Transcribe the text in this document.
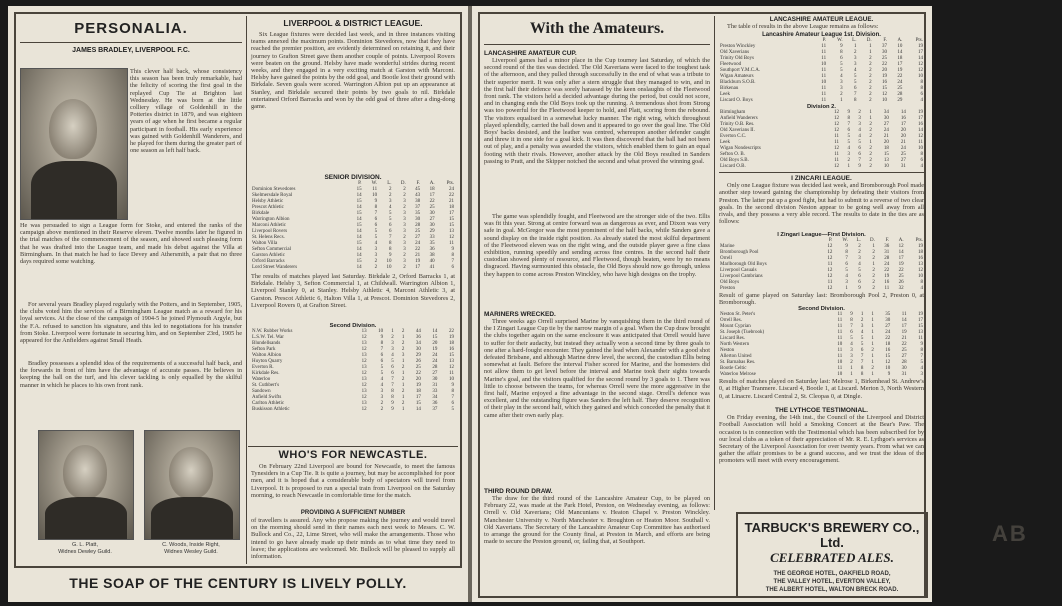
PERSONALIA.
JAMES BRADLEY, LIVERPOOL F.C.
This clever half back, whose consistency this season has been truly remarkable, had the felicity of scoring the first goal in the replayed Cup Tie at Brighton last Wednesday. He was born at the little colliery village of Goldenhill in the Potteries district in 1879, and was eighteen years of age when he first became a regular participant in football. His early experience was gained with Goldenhill Wanderers, and he played for them during the greater part of one season as left half back.
He was persuaded to sign a League form for Stoke, and entered the ranks of the campaign above mentioned in their Reserve eleven. Twelve months later he figured in the trial matches of the commencement of the season, and showed such pleasing form that he was drafted into the League team, and made his debut against the Villa at Birmingham. In that match he had to face Devey and Athersmith, a pair that no three days required some watching.
For several years Bradley played regularly with the Potters, and in September, 1905, the clubs voted him the services of a Birmingham League match as a reward for his loyal services. At the close of the campaign of 1904-5 he joined Plymouth Argyle, but the F.A. refused to sanction his signature, and this led to negotiations for his transfer from Stoke. Liverpool were fortunate in securing him, and on September 23rd, 1905 he appeared for the Anfielders against Small Heath.
Bradley possesses a splendid idea of the requirements of a successful half back, and the forwards in front of him have the advantage of accurate passes. He believes in keeping the ball on the turf, and his clever tackling is only equalled by the skilful manner in which he places to his own front rank.
G. L. Platt,
Widnes Dewley Guild.
C. Woods, Inside Right,
Widnes Wesley Guild.
LIVERPOOL & DISTRICT LEAGUE.
Six League fixtures were decided last week, and in three instances visiting teams annexed the maximum points. Dominion Stevedores, now that they have reached the premier position, are evidently determined on retaining it, and their journey to Grafton Street gave them another couple of points. Liverpool Rovers were beaten on the ground. Helsby have made wonderful strides during recent weeks, and they engaged in a very exciting match at Garston with Marconi. Helsby have gained the points by the odd goal, and Bootle lost their ground with Birkdale. Seven goals were scored. Warrington Albion put up an appearance at Stanley, and Birkdale secured their points by two goals to nil. Birkdale entertained Orford Barracks and won by the odd goal of three after a ding-dong game.
SENIOR DIVISION.
	P.	W.	L.	D.	F.	A.	Pts.
Dominion Stevedores	15	11	2	2	45	18	24
Skelmersdale Royal	14	10	2	2	43	17	22
Helsby Athletic	15	9	3	3	38	22	21
Prescot Athletic	14	8	4	2	37	25	18
Birkdale	15	7	5	3	35	30	17
Warrington Albion	14	6	5	3	30	27	15
Marconi Athletic	15	6	6	3	28	30	15
Liverpool Rovers	14	5	6	3	25	29	13
St. Helens Recs.	14	5	7	2	27	33	12
Walton Villa	15	4	8	3	24	35	11
Sefton Commercial	14	3	8	3	22	36	9
Garston Athletic	14	3	9	2	21	38	8
Orford Barracks	15	2	10	3	19	40	7
Lord Street Wanderers	14	2	10	2	17	41	6
The results of matches played last Saturday. Birkdale 2, Orford Barracks 1, at Birkdale. Helsby 3, Sefton Commercial 1, at Childwall. Warrington Albion 1, Liverpool Stanley 0, at Stanley. Helsby Athletic 4, Marconi Athletic 3, at Garston. Prescot Athletic 6, Halton Villa 1, at Prescot. Dominion Stevedores 2, Liverpool Rovers 0, at Grafton Street.
Second Division.
N.W. Rubber Works	13	10	1	2	44	14	22
L.S.W. Tel. War	12	9	2	1	36	15	19
Blundellsands	13	8	3	2	34	20	18
Sefton Park	12	7	3	2	30	19	16
Walton Albion	13	6	4	3	29	24	15
Huyton Quarry	12	6	5	1	26	24	13
Everton R.	13	5	6	2	25	28	12
Kirkdale Res.	12	5	6	1	22	27	11
Waterloo	13	4	7	2	20	30	10
St. Cuthbert's	12	4	7	1	19	31	9
Sandown	13	3	8	2	18	33	8
Anfield Swifts	12	3	8	1	17	34	7
Carlton Athletic	13	2	9	2	15	36	6
Buskisson Athletic	12	2	9	1	14	37	5
WHO'S FOR NEWCASTLE.
On February 22nd Liverpool are bound for Newcastle, to meet the famous Tynesiders in a Cup Tie. It is quite a journey, but may be accomplished for poor men, and it is hoped that a considerable body of spectators will travel from Liverpool. It is proposed to run a special train from Liverpool on the Saturday morning, to reach Newcastle in comfortable time for the match.
PROVIDING A SUFFICIENT NUMBER
of travellers is assured. Any who propose making the journey and would travel on the morning should send in their names each next week to Messrs. C. W. Bullock and Co., 22, Lime Street, who will make the arrangements. Those who intend to go have already made up their minds as to what time they need to leave; the applications are welcomed. Mr. Bullock will be pleased to supply all information.
THE SOAP OF THE CENTURY IS LIVELY POLLY.
With the Amateurs.
LANCASHIRE AMATEUR CUP.
Liverpool games had a minor place in the Cup tourney last Saturday, of which the second round of the ties was decided. The Old Xaverians were faced to the toughest task of the afternoon, and they pulled through successfully in the end of what was a tribute to their superior merit. It was only after a stern struggle that they managed to win, and in the first half their defence was sorely harassed by the keen onslaughts of the Fleetwood front rank. The visitors held a decided advantage during the period, but could not score, and in changing ends the Old Boys took up the running. A tremendous shot from Strong was too powerful for the Fleetwood keeper to hold, and Platt, scoring from the rebound. The visitors equalised in a somewhat lucky manner. The right wing, which throughout played splendidly, carried the ball down and it appeared to go over the goal line. The Old Boys' backs desisted, and the leather was centred, whereupon another defender caught and threw it in one side for a goal kick. It was then discovered that the ball had not been out of play, and a penalty was awarded the visitors, which enabled them to gain an equal footing with their rivals. However, another attack by the Old Boys resulted in Sanders passing to Pratt, and the Skipper notched the second and what proved the winning goal.
The game was splendidly fought, and Fleetwood are the stronger side of the two. Ellis was fit this year. Strong at centre forward was as dangerous as ever, and Dixon was very safe in goal. McGregor was the most prominent of the half backs, while Sanders gave a sound display on the inside right position. As already stated the most skilful department of the Fleetwood eleven was on the right wing, and the outside player gave a fine class exhibition, running speedily and sending across fine centres. In the second half their custodian showed plenty of resource, and Fleetwood, though beaten, were by no means disgraced. Having surmounted this obstacle, the Old Boys should now go through, unless they happen to come across Preston Winckley, who have high designs on the trophy.
MARINERS WRECKED.
Three weeks ago Orrell surprised Marine by vanquishing them in the third round of the I Zingari League Cup tie by the narrow margin of a goal. When the Cup draw brought the clubs together again on the same enclosure it was anticipated that Orrell would have to suffer for their audacity, but instead they actually won a second time by three goals to one after a hard-fought encounter. They gained the lead when Alexander with a good shot defeated Brisbane, and although Marine drew level, the second, the custodian Ellis being somewhat at fault. Before the interval Fisher scored for Marine, and the homesters did not allow them to get level before the interval and Marine took their sights towards Marine's goal, and the visitors qualified for the second round by 3 goals to 1. There was little to choose between the teams, for whereas Orrell were the more aggressive in the first half, Marine enjoyed a fine advantage in the second stage. Orrell's defence was excellent, and the outstanding figure was Sanders the left half. They deserve recognition of their play in the second half, which they gained and which conceded the penalty that it came after their own early play.
THIRD ROUND DRAW.
The draw for the third round of the Lancashire Amateur Cup, to be played on February 22, was made at the Park Hotel, Preston, on Wednesday evening, as follows: Orrell v. Old Xaverians; Old Mancunians v. Heaton Chapel v. Preston Winckley. Manchester University v. North Manchester v. Broughton or Heaton Moor. Southall v. Old Xaverians. The Secretary of the Lancashire Amateur Cup Committee has authorised to arrange the ground for the County final, at Preston in March, and efforts are being made to secure the Preston ground, or, failing that, at Southport.
LANCASHIRE AMATEUR LEAGUE.
The table of results in the above League remains as follows:
Lancashire Amateur League 1st. Division.
	P.	W.	L.	D.	F.	A.	Pts.
Preston Winckley	11	9	1	1	37	10	19
Old Xaverians	11	8	2	1	30	14	17
Trinity Old Boys	11	6	3	2	25	18	14
Fleetwood	10	5	3	2	22	17	12
Southport Y.M.C.A.	11	5	4	2	20	19	12
Wigan Amateurs	11	4	5	2	19	22	10
Blackburn S.O.B.	10	3	5	2	16	24	8
Birkenau	11	3	6	2	15	25	8
Leek	11	2	7	2	12	28	6
Liscard O. Boys	11	1	8	2	10	29	4
Division 2.
Birmingham	12	9	2	1	34	14	19
Anfield Wanderers	12	8	3	1	30	16	17
Trinity O.B. Res.	12	7	3	2	27	17	16
Old Xaverians II.	12	6	4	2	24	20	14
Everton C.C.	11	5	4	2	21	20	12
Leek	11	5	5	1	20	21	11
Wigan Nondescripts	12	4	6	2	18	24	10
Sefton O. B.	11	3	6	2	15	25	8
Old Boys S.B.	11	2	7	2	13	27	6
Liscard O.B.	12	1	9	2	10	31	4
I ZINCARI LEAGUE.
Only one League fixture was decided last week, and Bromborough Pool made another step toward gaining the championship by defeating their visitors from Preston. The latter put up a good fight, but had to submit to a reverse of two clear goals. In the second division Neston appear to be going well away from all rivals, and they possess a very able record. The results to date in the ties are as follows:
I Zingari League—First Division.
	P.	W.	L.	D.	F.	A.	Pts.
Marine	12	9	2	1	36	12	19
Bromborough Pool	12	8	2	2	31	14	18
Orrell	12	7	3	2	28	17	16
Marlborough Old Boys	11	6	4	1	24	19	13
Liverpool Casuals	12	5	5	2	22	22	12
Liverpool Cambrians	12	4	6	2	19	25	10
Old Boys	11	3	6	2	16	26	8
Preston	12	1	9	2	11	32	4
Result of game played on Saturday last: Bromborough Pool 2, Preston 0, at Bromborough.
Second Division.
Neston St. Peter's	11	9	1	1	35	11	19
Orrell Res.	11	8	2	1	30	14	17
Mount Cyprian	11	7	3	1	27	17	15
St. Joseph (Tuebrook)	11	6	4	1	24	19	13
Liscard Res.	11	5	5	1	22	21	11
North Western	10	4	5	1	18	22	9
Neston	11	3	6	2	16	25	8
Allerton United	11	3	7	1	15	27	7
St. Barnabas Res.	10	2	7	1	12	28	5
Bootle Celtic	11	1	8	2	10	30	4
Waterloo Melrose	10	1	8	1	9	31	3
Results of matches played on Saturday last: Melrose 1, Birkenhead St. Andrew's 0, at Higher Tranmere. Liscard 4, Bootle 1, at Liscard. Merton 3, North Western 0, at Linacre. Liscard Central 2, St. Cleopas 0, at Dingle.
THE LYTHCOE TESTIMONIAL.
On Friday evening, the 14th inst., the Council of the Liverpool and District Football Association will hold a Smoking Concert at the Bear's Paw. The occasion is in connection with the Testimonial which has been subscribed for by our local clubs as a token of their appreciation of Mr. R. E. Lythgoe's services as Secretary of the Liverpool Association for over twenty years. From what we can gather the affair promises to be a grand success, and we trust the ideas of the promoters will meet with every encouragement.
TARBUCK'S BREWERY CO., Ltd.
CELEBRATED ALES.
THE GEORGE HOTEL, OAKFIELD ROAD,
THE VALLEY HOTEL, EVERTON VALLEY,
THE ALBERT HOTEL, WALTON BRECK ROAD.
AB
